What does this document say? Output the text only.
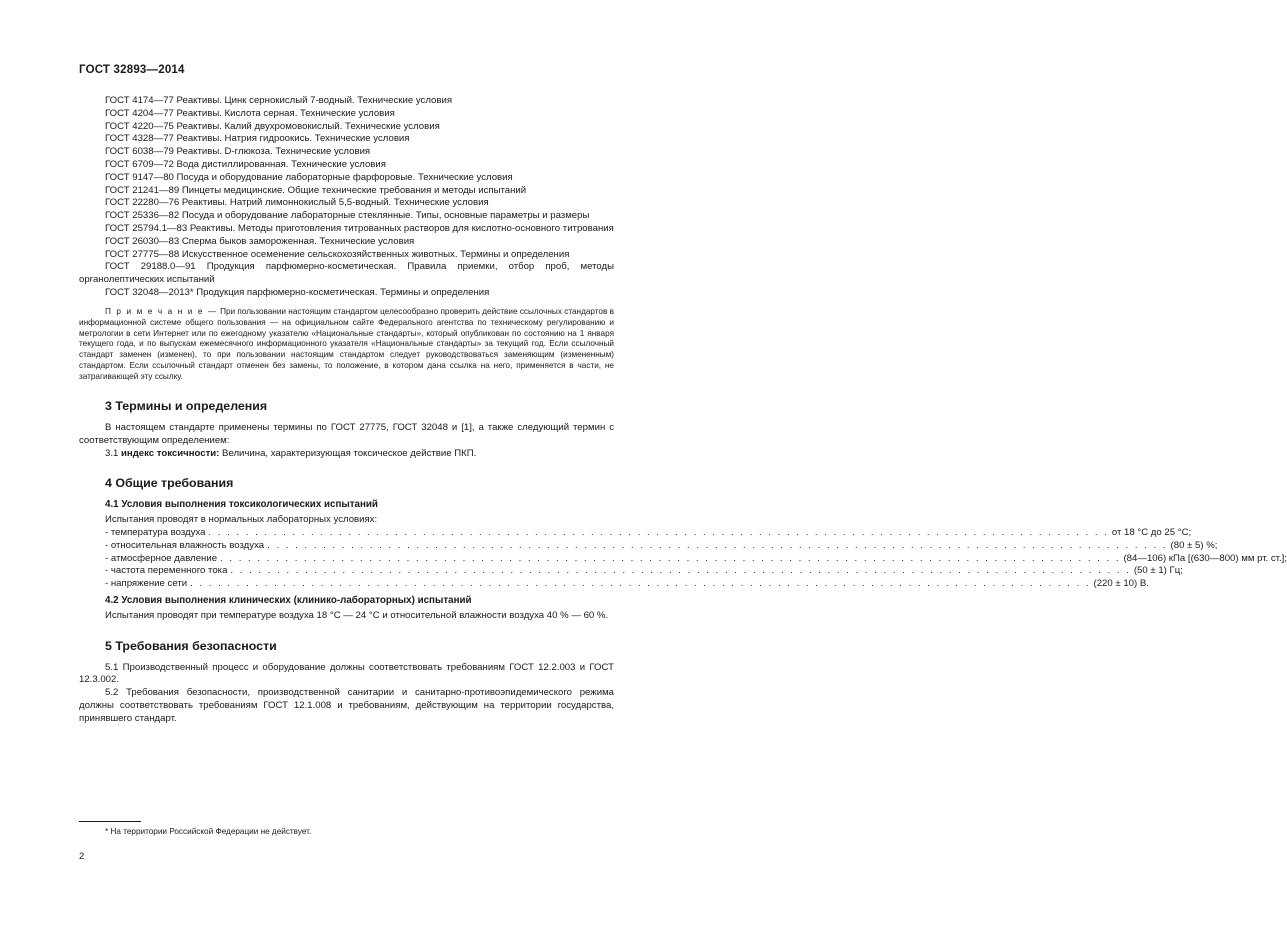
ГОСТ 32893—2014

ГОСТ 4174—77 Реактивы. Цинк сернокислый 7-водный. Технические условия

ГОСТ 4204—77 Реактивы. Кислота серная. Технические условия

ГОСТ 4220—75 Реактивы. Калий двухромовокислый. Технические условия

ГОСТ 4328—77 Реактивы. Натрия гидроокись. Технические условия

ГОСТ 6038—79 Реактивы. D-глюкоза. Технические условия

ГОСТ 6709—72 Вода дистиллированная. Технические условия

ГОСТ 9147—80 Посуда и оборудование лабораторные фарфоровые. Технические условия

ГОСТ 21241—89 Пинцеты медицинские. Общие технические требования и методы испытаний

ГОСТ 22280—76 Реактивы. Натрий лимоннокислый 5,5-водный. Технические условия

ГОСТ 25336—82 Посуда и оборудование лабораторные стеклянные. Типы, основные параметры и размеры

ГОСТ 25794.1—83 Реактивы. Методы приготовления титрованных растворов для кислотно-основного титрования

ГОСТ 26030—83 Сперма быков замороженная. Технические условия

ГОСТ 27775—88 Искусственное осеменение сельскохозяйственных животных. Термины и определения

ГОСТ 29188.0—91 Продукция парфюмерно-косметическая. Правила приемки, отбор проб, методы органолептических испытаний

ГОСТ 32048—2013* Продукция парфюмерно-косметическая. Термины и определения

П р и м е ч а н и е — При пользовании настоящим стандартом целесообразно проверить действие ссылочных стандартов в информационной системе общего пользования — на официальном сайте Федерального агентства по техническому регулированию и метрологии в сети Интернет или по ежегодному указателю «Национальные стандарты», который опубликован по состоянию на 1 января текущего года, и по выпускам ежемесячного информационного указателя «Национальные стандарты» за текущий год. Если ссылочный стандарт заменен (изменен), то при пользовании настоящим стандартом следует руководствоваться заменяющим (измененным) стандартом. Если ссылочный стандарт отменен без замены, то положение, в котором дана ссылка на него, применяется в части, не затрагивающей эту ссылку.

3 Термины и определения

В настоящем стандарте применены термины по ГОСТ 27775, ГОСТ 32048 и [1], а также следующий термин с соответствующим определением:

3.1 индекс токсичности: Величина, характеризующая токсическое действие ПКП.

4 Общие требования
4.1 Условия выполнения токсикологических испытаний

Испытания проводят в нормальных лабораторных условиях:

- температура воздуха . . . . . . . . . . . . . . . . . . . . . . . . . . . . . . . . . . . . . . . . . . . . . . . . . . . . . . . . . . . . . . . . . . . . . . . . . . . . . . . . . . . . . . . . . . . . . . . . . от 18 °С до 25 °С;
- относительная влажность воздуха . . . . . . . . . . . . . . . . . . . . . . . . . . . . . . . . . . . . . . . . . . . . . . . . . . . . . . . . . . . . . . . . . . . . . . . . . . . . . . . . . . . . . . . . . . . . . . . . . (80 ± 5) %;
- атмосферное давление . . . . . . . . . . . . . . . . . . . . . . . . . . . . . . . . . . . . . . . . . . . . . . . . . . . . . . . . . . . . . . . . . . . . . . . . . . . . . . . . . . . . . . . . . . . . . . . . . (84—106) кПа [(630—800) мм рт. ст.];
- частота переменного тока . . . . . . . . . . . . . . . . . . . . . . . . . . . . . . . . . . . . . . . . . . . . . . . . . . . . . . . . . . . . . . . . . . . . . . . . . . . . . . . . . . . . . . . . . . . . . . . . . (50 ± 1) Гц;
- напряжение сети . . . . . . . . . . . . . . . . . . . . . . . . . . . . . . . . . . . . . . . . . . . . . . . . . . . . . . . . . . . . . . . . . . . . . . . . . . . . . . . . . . . . . . . . . . . . . . . . . (220 ± 10) В.
4.2 Условия выполнения клинических (клинико-лабораторных) испытаний

Испытания проводят при температуре воздуха 18 °С — 24 °С и относительной влажности воздуха 40 % — 60 %.

5 Требования безопасности

5.1 Производственный процесс и оборудование должны соответствовать требованиям ГОСТ 12.2.003 и ГОСТ 12.3.002.

5.2 Требования безопасности, производственной санитарии и санитарно-противоэпидемического режима должны соответствовать требованиям ГОСТ 12.1.008 и требованиям, действующим на территории государства, принявшего стандарт.

* На территории Российской Федерации не действует.
2
